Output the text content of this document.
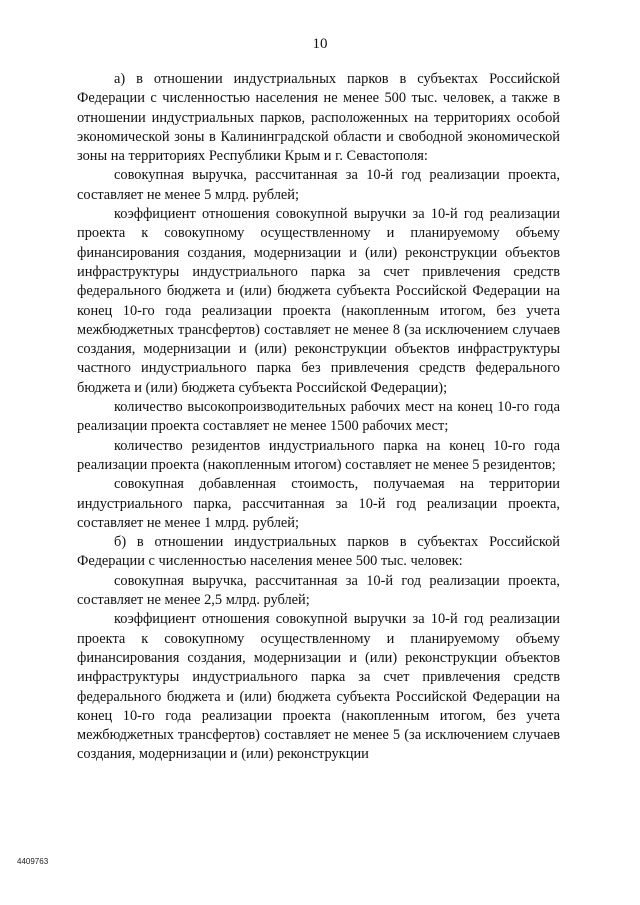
10

а) в отношении индустриальных парков в субъектах Российской Федерации с численностью населения не менее 500 тыс. человек, а также в отношении индустриальных парков, расположенных на территориях особой экономической зоны в Калининградской области и свободной экономической зоны на территориях Республики Крым и г. Севастополя:

совокупная выручка, рассчитанная за 10-й год реализации проекта, составляет не менее 5 млрд. рублей;

коэффициент отношения совокупной выручки за 10-й год реализации проекта к совокупному осуществленному и планируемому объему финансирования создания, модернизации и (или) реконструкции объектов инфраструктуры индустриального парка за счет привлечения средств федерального бюджета и (или) бюджета субъекта Российской Федерации на конец 10-го года реализации проекта (накопленным итогом, без учета межбюджетных трансфертов) составляет не менее 8 (за исключением случаев создания, модернизации и (или) реконструкции объектов инфраструктуры частного индустриального парка без привлечения средств федерального бюджета и (или) бюджета субъекта Российской Федерации);

количество высокопроизводительных рабочих мест на конец 10-го года реализации проекта составляет не менее 1500 рабочих мест;

количество резидентов индустриального парка на конец 10-го года реализации проекта (накопленным итогом) составляет не менее 5 резидентов;

совокупная добавленная стоимость, получаемая на территории индустриального парка, рассчитанная за 10-й год реализации проекта, составляет не менее 1 млрд. рублей;

б) в отношении индустриальных парков в субъектах Российской Федерации с численностью населения менее 500 тыс. человек:

совокупная выручка, рассчитанная за 10-й год реализации проекта, составляет не менее 2,5 млрд. рублей;

коэффициент отношения совокупной выручки за 10-й год реализации проекта к совокупному осуществленному и планируемому объему финансирования создания, модернизации и (или) реконструкции объектов инфраструктуры индустриального парка за счет привлечения средств федерального бюджета и (или) бюджета субъекта Российской Федерации на конец 10-го года реализации проекта (накопленным итогом, без учета межбюджетных трансфертов) составляет не менее 5 (за исключением случаев создания, модернизации и (или) реконструкции

4409763
